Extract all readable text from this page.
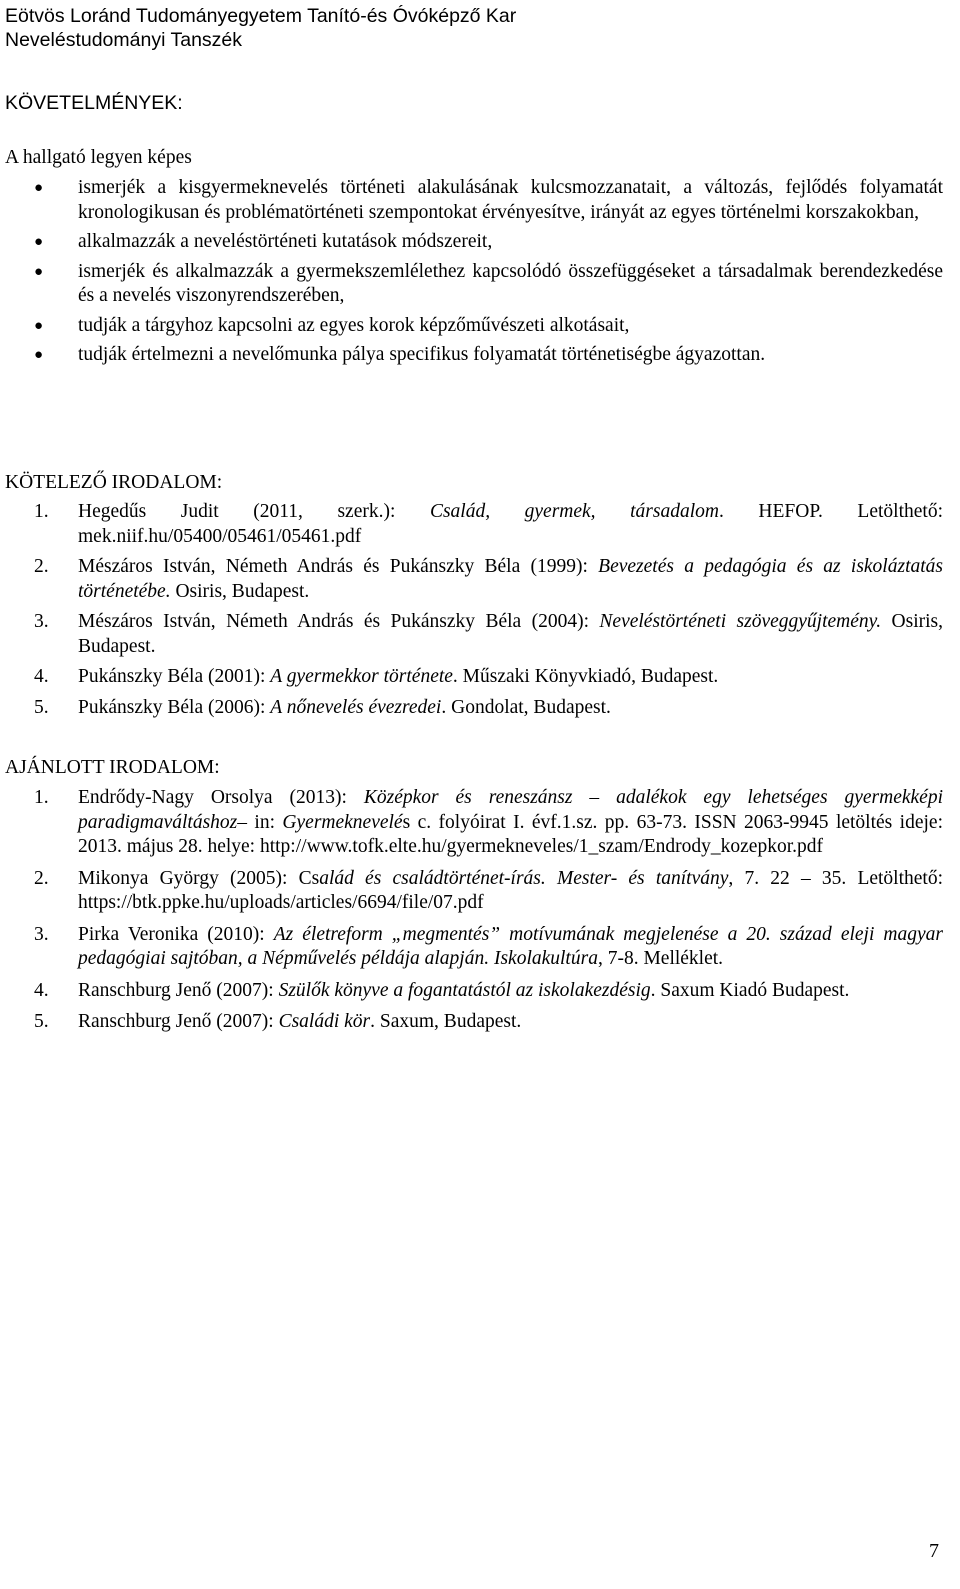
Eötvös Loránd Tudományegyetem Tanító-és Óvóképző Kar
Neveléstudományi Tanszék
KÖVETELMÉNYEK:
A hallgató legyen képes
●	ismerjék a kisgyermeknevelés történeti alakulásának kulcsmozzanatait, a változás, fejlődés folyamatát kronologikusan és problématörténeti szempontokat érvényesítve, irányát az egyes történelmi korszakokban,
●	alkalmazzák a neveléstörténeti kutatások módszereit,
●	ismerjék és alkalmazzák a gyermekszemlélethez kapcsolódó összefüggéseket a társadalmak berendezkedése és a nevelés viszonyrendszerében,
●	tudják a tárgyhoz kapcsolni az egyes korok képzőművészeti alkotásait,
●	tudják értelmezni a nevelőmunka pálya specifikus folyamatát történetiségbe ágyazottan.
KÖTELEZŐ IRODALOM:
1. Hegedűs Judit (2011, szerk.): Család, gyermek, társadalom. HEFOP. Letölthető: mek.niif.hu/05400/05461/05461.pdf
2. Mészáros István, Németh András és Pukánszky Béla (1999): Bevezetés a pedagógia és az iskoláztatás történetébe. Osiris, Budapest.
3. Mészáros István, Németh András és Pukánszky Béla (2004): Neveléstörténeti szöveggyűjtemény. Osiris, Budapest.
4. Pukánszky Béla (2001): A gyermekkor története. Műszaki Könyvkiadó, Budapest.
5. Pukánszky Béla (2006): A nőnevelés évezredei. Gondolat, Budapest.
AJÁNLOTT IRODALOM:
1. Endrődy-Nagy Orsolya (2013): Középkor és reneszánsz – adalékok egy lehetséges gyermekképi paradigmaváltáshoz– in: Gyermeknevelés c. folyóirat I. évf.1.sz. pp. 63-73. ISSN 2063-9945 letöltés ideje: 2013. május 28. helye: http://www.tofk.elte.hu/gyermekneveles/1_szam/Endrody_kozepkor.pdf
2. Mikonya György (2005): Család és családtörténet-írás. Mester- és tanítvány, 7. 22 – 35. Letölthető: https://btk.ppke.hu/uploads/articles/6694/file/07.pdf
3. Pirka Veronika (2010): Az életreform „megmentés” motívumának megjelenése a 20. század eleji magyar pedagógiai sajtóban, a Népművelés példája alapján. Iskolakultúra, 7-8. Melléklet.
4. Ranschburg Jenő (2007): Szülők könyve a fogantatástól az iskolakezdésig. Saxum Kiadó Budapest.
5. Ranschburg Jenő (2007): Családi kör. Saxum, Budapest.
7
